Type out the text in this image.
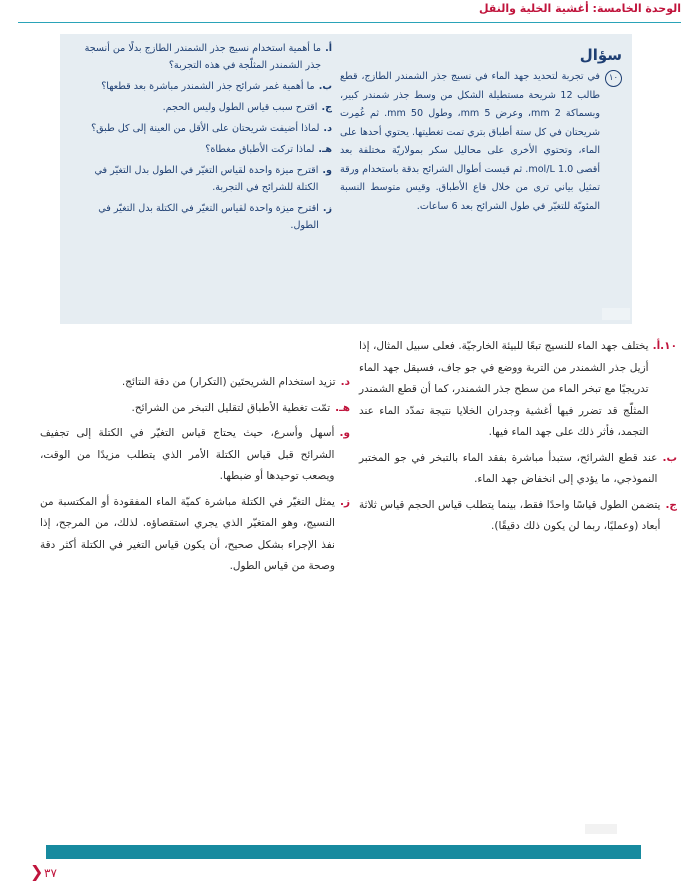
الوحدة الخامسة: أغشية الخلية والنقل

سؤال
١٠
في تجربة لتحديد جهد الماء في نسيج جذر الشمندر الطازج، قطع طالب 12 شريحة مستطيلة الشكل من وسط جذر شمندر كبير، وبسماكة 2 mm، وعرض 5 mm، وطول 50 mm. ثم غُمِرت شريحتان في كل ستة أطباق بتري تمت تغطيتها. يحتوي أحدها على الماء، وتحتوي الأخرى على محاليل سكر بمولاريّة مختلفة بعد أقصى 1.0 mol/L. ثم قيست أطوال الشرائح بدقة باستخدام ورقة تمثيل بياني ترى من خلال قاع الأطباق. وقيس متوسط النسبة المئويّة للتغيّر في طول الشرائح بعد 6 ساعات.
أ.
ما أهمية استخدام نسيج جذر الشمندر الطازج بدلًا من أنسجة جذر الشمندر المثلّجة في هذه التجربة؟
ب.
ما أهمية غمر شرائح جذر الشمندر مباشرة بعد قطعها؟
ج.
اقترح سبب قياس الطول وليس الحجم.
د.
لماذا أضيفت شريحتان على الأقل من العينة إلى كل طبق؟
هـ.
لماذا تركت الأطباق مغطاة؟
و.
اقترح ميزة واحدة لقياس التغيّر في الطول بدل التغيّر في الكتلة للشرائح في التجربة.
ز.
اقترح ميزة واحدة لقياس التغيّر في الكتلة بدل التغيّر في الطول.
١٠.
أ.
يختلف جهد الماء للنسيج تبعًا للبيئة الخارجيّة. فعلى سبيل المثال، إذا أزيل جذر الشمندر من التربة ووضع في جو جاف، فسيقل جهد الماء تدريجيًا مع تبخر الماء من سطح جذر الشمندر، كما أن قطع الشمندر المثلّج قد تضرر فيها أغشية وجدران الخلايا نتيجة تمدّد الماء عند التجمد، فأثر ذلك على جهد الماء فيها.
ب.
عند قطع الشرائح، ستبدأ مباشرة بفقد الماء بالتبخر في جو المختبر النموذجي، ما يؤدي إلى انخفاض جهد الماء.
ج.
يتضمن الطول قياسًا واحدًا فقط، بينما يتطلب قياس الحجم قياس ثلاثة أبعاد (وعمليًا، ربما لن يكون ذلك دقيقًا).
د.
تزيد استخدام الشريحتَين (التكرار) من دقة النتائج.
هـ.
تمّت تغطية الأطباق لتقليل التبخر من الشرائح.
و.
أسهل وأسرع، حيث يحتاج قياس التغيّر في الكتلة إلى تجفيف الشرائح قبل قياس الكتلة الأمر الذي يتطلب مزيدًا من الوقت، ويصعب توحيدها أو ضبطها.
ز.
يمثل التغيّر في الكتلة مباشرة كميّة الماء المفقودة أو المكتسبة من النسيج، وهو المتغيّر الذي يجري استقصاؤه. لذلك، من المرجح، إذا نفذ الإجراء بشكل صحيح، أن يكون قياس التغير في الكتلة أكثر دقة وصحة من قياس الطول.
❮ ٣٧
